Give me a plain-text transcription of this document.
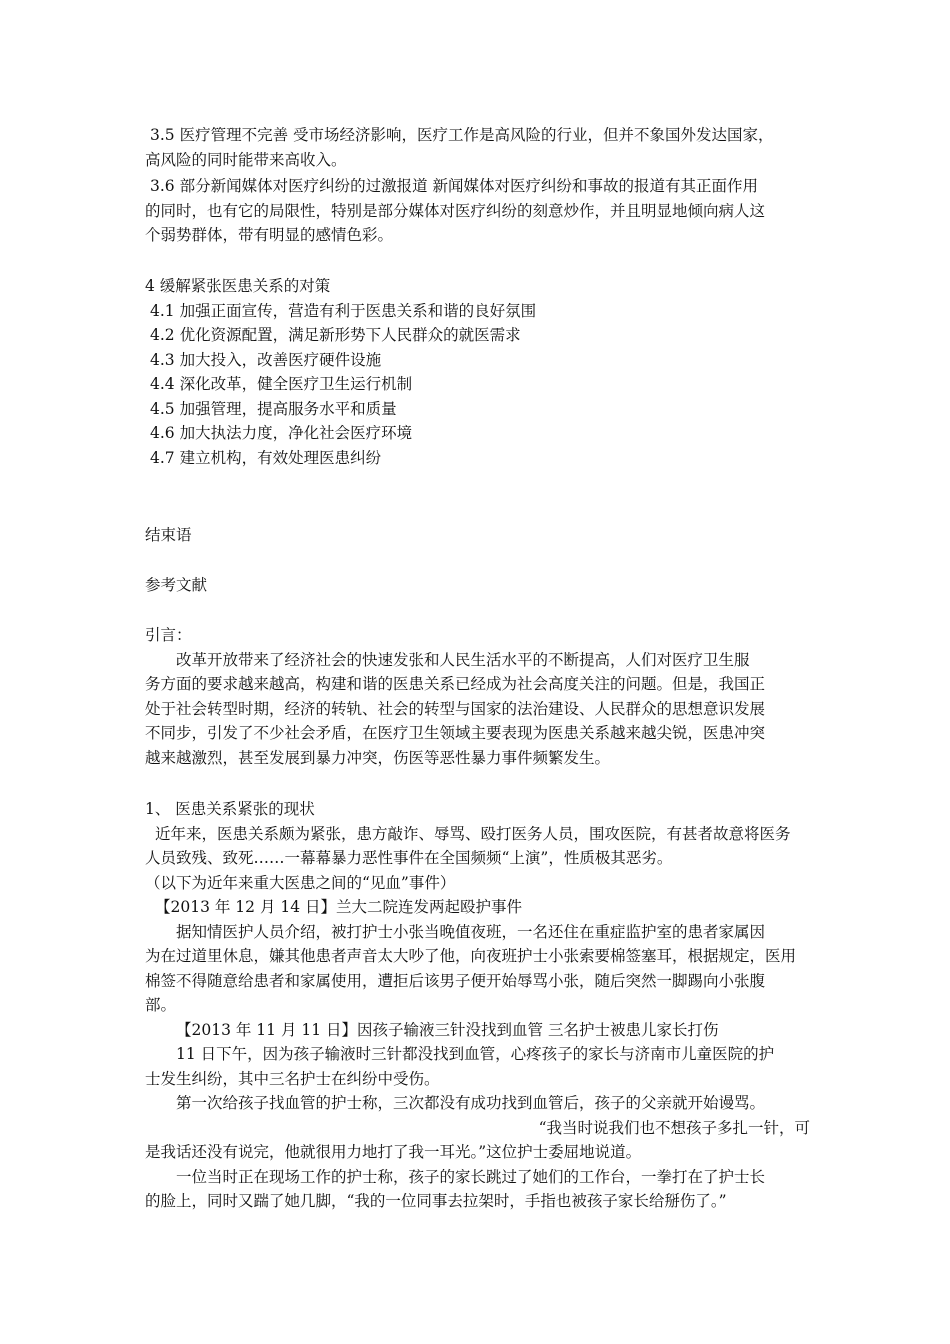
3.5 医疗管理不完善 受市场经济影响，医疗工作是高风险的行业，但并不象国外发达国家，
高风险的同时能带来高收入。
3.6 部分新闻媒体对医疗纠纷的过激报道 新闻媒体对医疗纠纷和事故的报道有其正面作用
的同时，也有它的局限性，特别是部分媒体对医疗纠纷的刻意炒作，并且明显地倾向病人这
个弱势群体，带有明显的感情色彩。
4 缓解紧张医患关系的对策
4.1 加强正面宣传，营造有利于医患关系和谐的良好氛围
4.2 优化资源配置，满足新形势下人民群众的就医需求
4.3 加大投入，改善医疗硬件设施
4.4 深化改革，健全医疗卫生运行机制
4.5 加强管理，提高服务水平和质量
4.6 加大执法力度，净化社会医疗环境
4.7 建立机构，有效处理医患纠纷
结束语
参考文献
引言：
改革开放带来了经济社会的快速发张和人民生活水平的不断提高，人们对医疗卫生服
务方面的要求越来越高，构建和谐的医患关系已经成为社会高度关注的问题。但是，我国正
处于社会转型时期，经济的转轨、社会的转型与国家的法治建设、人民群众的思想意识发展
不同步，引发了不少社会矛盾，在医疗卫生领域主要表现为医患关系越来越尖锐，医患冲突
越来越激烈，甚至发展到暴力冲突，伤医等恶性暴力事件频繁发生。
1、 医患关系紧张的现状
近年来，医患关系颇为紧张，患方敲诈、辱骂、殴打医务人员，围攻医院，有甚者故意将医务
人员致残、致死……一幕幕暴力恶性事件在全国频频“上演”，性质极其恶劣。
（以下为近年来重大医患之间的“见血”事件）
【2013 年 12 月 14 日】兰大二院连发两起殴护事件
据知情医护人员介绍，被打护士小张当晚值夜班，一名还住在重症监护室的患者家属因
为在过道里休息，嫌其他患者声音太大吵了他，向夜班护士小张索要棉签塞耳，根据规定，医用
棉签不得随意给患者和家属使用，遭拒后该男子便开始辱骂小张，随后突然一脚踢向小张腹
部。
【2013 年 11 月 11 日】因孩子输液三针没找到血管 三名护士被患儿家长打伤
11 日下午，因为孩子输液时三针都没找到血管，心疼孩子的家长与济南市儿童医院的护
士发生纠纷，其中三名护士在纠纷中受伤。
第一次给孩子找血管的护士称，三次都没有成功找到血管后，孩子的父亲就开始谩骂。
“我当时说我们也不想孩子多扎一针，可
是我话还没有说完，他就很用力地打了我一耳光。”这位护士委屈地说道。
一位当时正在现场工作的护士称，孩子的家长跳过了她们的工作台，一拳打在了护士长
的脸上，同时又踹了她几脚，“我的一位同事去拉架时，手指也被孩子家长给掰伤了。”
